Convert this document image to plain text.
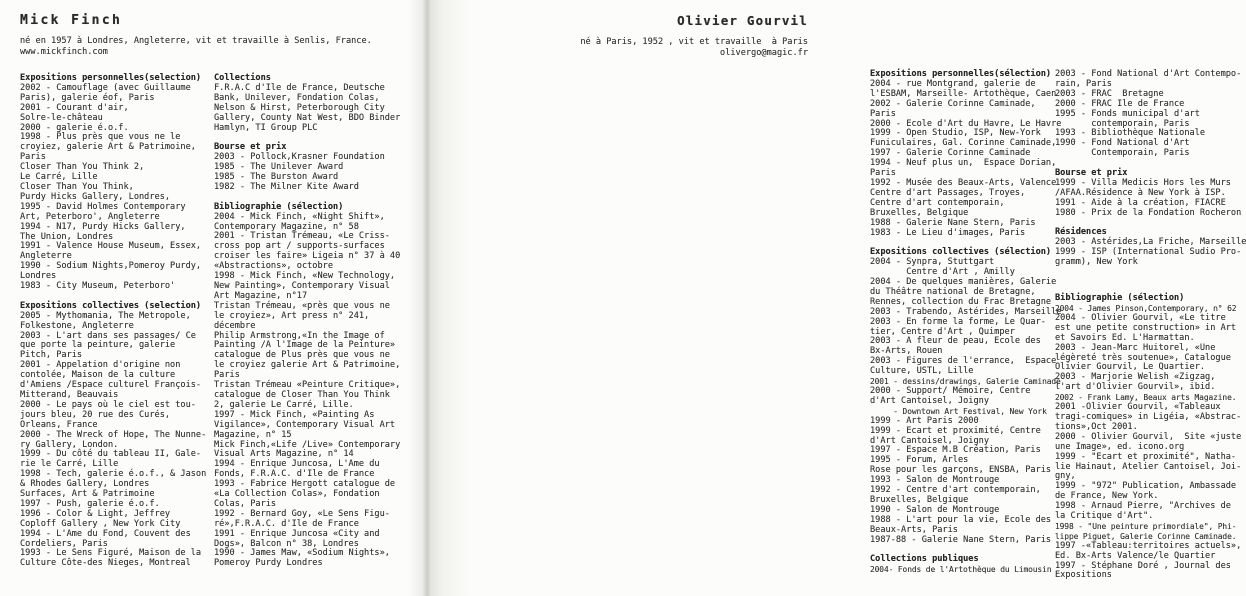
Mick Finch
né en 1957 à Londres, Angleterre, vit et travaille à Senlis, France.
www.mickfinch.com
Expositions personnelles(selection)
2002 - Camouflage (avec Guillaume
Paris), galerie éof, Paris
2001 - Courant d'air,
Solre-le-château
2000 - galerie é.o.f.
1998 - Plus près que vous ne le
croyiez, galerie Art & Patrimoine,
Paris
Closer Than You Think 2,
Le Carré, Lille
Closer Than You Think,
Purdy Hicks Gallery, Londres,
1995 - David Holmes Contemporary
Art, Peterboro', Angleterre
1994 - N17, Purdy Hicks Gallery,
The Union, Londres
1991 - Valence House Museum, Essex,
Angleterre
1990 - Sodium Nights,Pomeroy Purdy,
Londres
1983 - City Museum, Peterboro'
Expositions collectives (selection)
2005 - Mythomania, The Metropole,
Folkestone, Angleterre
2003 - L'art dans ses passages/ Ce
que porte la peinture, galerie
Pitch, Paris
2001 - Appelation d'origine non
contolée, Maison de la culture
d'Amiens /Espace culturel François-
Mitterand, Beauvais
2000 - Le pays où le ciel est tou-
jours bleu, 20 rue des Curés,
Orleans, France
2000 - The Wreck of Hope, The Nunne-
ry Gallery, London.
1999 - Du côté du tableau II, Gale-
rie le Carré, Lille
1998 - Tech, galerie é.o.f., & Jason
& Rhodes Gallery, Londres
Surfaces, Art & Patrimoine
1997 - Push, galerie é.o.f.
1996 - Color & Light, Jeffrey
Coploff Gallery , New York City
1994 - L'Ame du Fond, Couvent des
Cordeliers, Paris
1993 - Le Sens Figuré, Maison de la
Culture Côte-des Nieges, Montreal
Collections
F.R.A.C d'Ile de France, Deutsche
Bank, Unilever, Fondation Colas,
Nelson & Hirst, Peterborough City
Gallery, County Nat West, BDO Binder
Hamlyn, TI Group PLC
Bourse et prix
2003 - Pollock,Krasner Foundation
1985 - The Unilever Award
1985 - The Burston Award
1982 - The Milner Kite Award
Bibliographie (sélection)
2004 - Mick Finch, «Night Shift»,
Contemporary Magazine, n° 58
2001 - Tristan Trémeau, «Le Criss-
cross pop art / supports-surfaces
croiser les faire» Ligeia n° 37 à 40
«Abstractions», octobre
1998 - Mick Finch, «New Technology,
New Painting», Contemporary Visual
Art Magazine, n°17
Tristan Trémeau, «près que vous ne
le croyiez», Art press n° 241,
décembre
Philip Armstrong,«In the Image of
Painting /A l'Image de la Peinture»
catalogue de Plus près que vous ne
le croyiez galerie Art & Patrimoine,
Paris
Tristan Trémeau «Peinture Critique»,
catalogue de Closer Than You Think
2, galerie Le Carré, Lille.
1997 - Mick Finch, «Painting As
Vigilance», Contemporary Visual Art
Magazine, n° 15
Mick Finch,«Life /Live» Contemporary
Visual Arts Magazine, n° 14
1994 - Enrique Juncosa, L'Ame du
Fonds, F.R.A.C. d'Ile de France
1993 - Fabrice Hergott catalogue de
«La Collection Colas», Fondation
Colas, Paris
1992 - Bernard Goy, «Le Sens Figu-
ré»,F.R.A.C. d'Ile de France
1991 - Enrique Juncosa «City and
Dogs», Balcon n° 38, Londres
1990 - James Maw, «Sodium Nights»,
Pomeroy Purdy Londres
Olivier Gourvil
né à Paris, 1952 , vit et travaille  à Paris
olivergo@magic.fr
Expositions personnelles(sélection)
2004 - rue Montgrand, galerie de
l'ESBAM, Marseille- Artothèque, Caen
2002 - Galerie Corinne Caminade,
Paris
2000 - Ecole d'Art du Havre, Le Havre
1999 - Open Studio, ISP, New-York
Funiculaires, Gal. Corinne Caminade,
1997 - Galerie Corinne Caminade
1994 - Neuf plus un,  Espace Dorian,
Paris
1992 - Musée des Beaux-Arts, Valence
Centre d'art Passages, Troyes,
Centre d'art contemporain,
Bruxelles, Belgique
1988 - Galerie Nane Stern, Paris
1983 - Le Lieu d'images, Paris
Expositions collectives (sélection)
2004 - Synpra, Stuttgart
Centre d'Art , Amilly
2004 - De quelques manières, Galerie
du Théâtre national de Bretagne,
Rennes, collection du Frac Bretagne
2003 - Trabendo, Astérides, Marseille
2003 - En forme la forme, Le Quar-
tier, Centre d'Art , Quimper
2003 - A fleur de peau, Ecole des
Bx-Arts, Rouen
2003 - Figures de l'errance,  Espace
Culture, USTL, Lille
2001 - dessins/drawings, Galerie Caminade
2000 - Support/ Mémoire, Centre
d'Art Cantoisel, Joigny
- Downtown Art Festival, New York
1999 - Art Paris 2000
1999 - Ecart et proximité, Centre
d'Art Cantoisel, Joigny
1997 - Espace M.B Création, Paris
1995 - Forum, Arles
Rose pour les garçons, ENSBA, Paris
1993 - Salon de Montrouge
1992 - Centre d'art contemporain,
Bruxelles, Belgique
1990 - Salon de Montrouge
1988 - L'art pour la vie, Ecole des
Beaux-Arts, Paris
1987-88 - Galerie Nane Stern, Paris
Collections publiques
2004- Fonds de l'Artothèque du Limousin
2003 - Fond National d'Art Contempo-
rain, Paris
2003 - FRAC  Bretagne
2000 - FRAC Ile de France
1995 - Fonds municipal d'art
contemporain, Paris
1993 - Bibliothèque Nationale
1990 - Fond National d'Art
Contemporain, Paris
Bourse et prix
1999 - Villa Medicis Hors les Murs
/AFAA.Résidence à New York à ISP.
1991 - Aide à la création, FIACRE
1980 - Prix de la Fondation Rocheron
Résidences
2003 - Astérides,La Friche, Marseille
1999 - ISP (International Sudio Pro-
gramm), New York
Bibliographie (sélection)
2004 - James Pinson,Contemporary, n° 62
2004 - Olivier Gourvil, «Le titre
est une petite construction» in Art
et Savoirs Ed. L'Harmattan.
2003 - Jean-Marc Huitorel, «Une
légèreté très soutenue», Catalogue
Olivier Gourvil, Le Quartier.
2003 - Marjorie Welish «Zigzag,
l'art d'Olivier Gourvil», ibid.
2002 - Frank Lamy, Beaux arts Magazine.
2001 -Olivier Gourvil, «Tableaux
tragi-comiques» in Ligéia, «Abstrac-
tions»,Oct 2001.
2000 - Olivier Gourvil,  Site «juste
une Image», ed. icono.org
1999 - "Ecart et proximité", Natha-
lie Hainaut, Atelier Cantoisel, Joi-
gny,
1999 - "972" Publication, Ambassade
de France, New York.
1998 - Arnaud Pierre, "Archives de
la Critique d'Art".
1998 - "Une peinture primordiale", Phi-
lippe Piguet, Galerie Corinne Caminade.
1997 -«Tableau:territoires actuels»,
Ed. Bx-Arts Valence/le Quartier
1997 - Stéphane Doré , Journal des
Expositions
